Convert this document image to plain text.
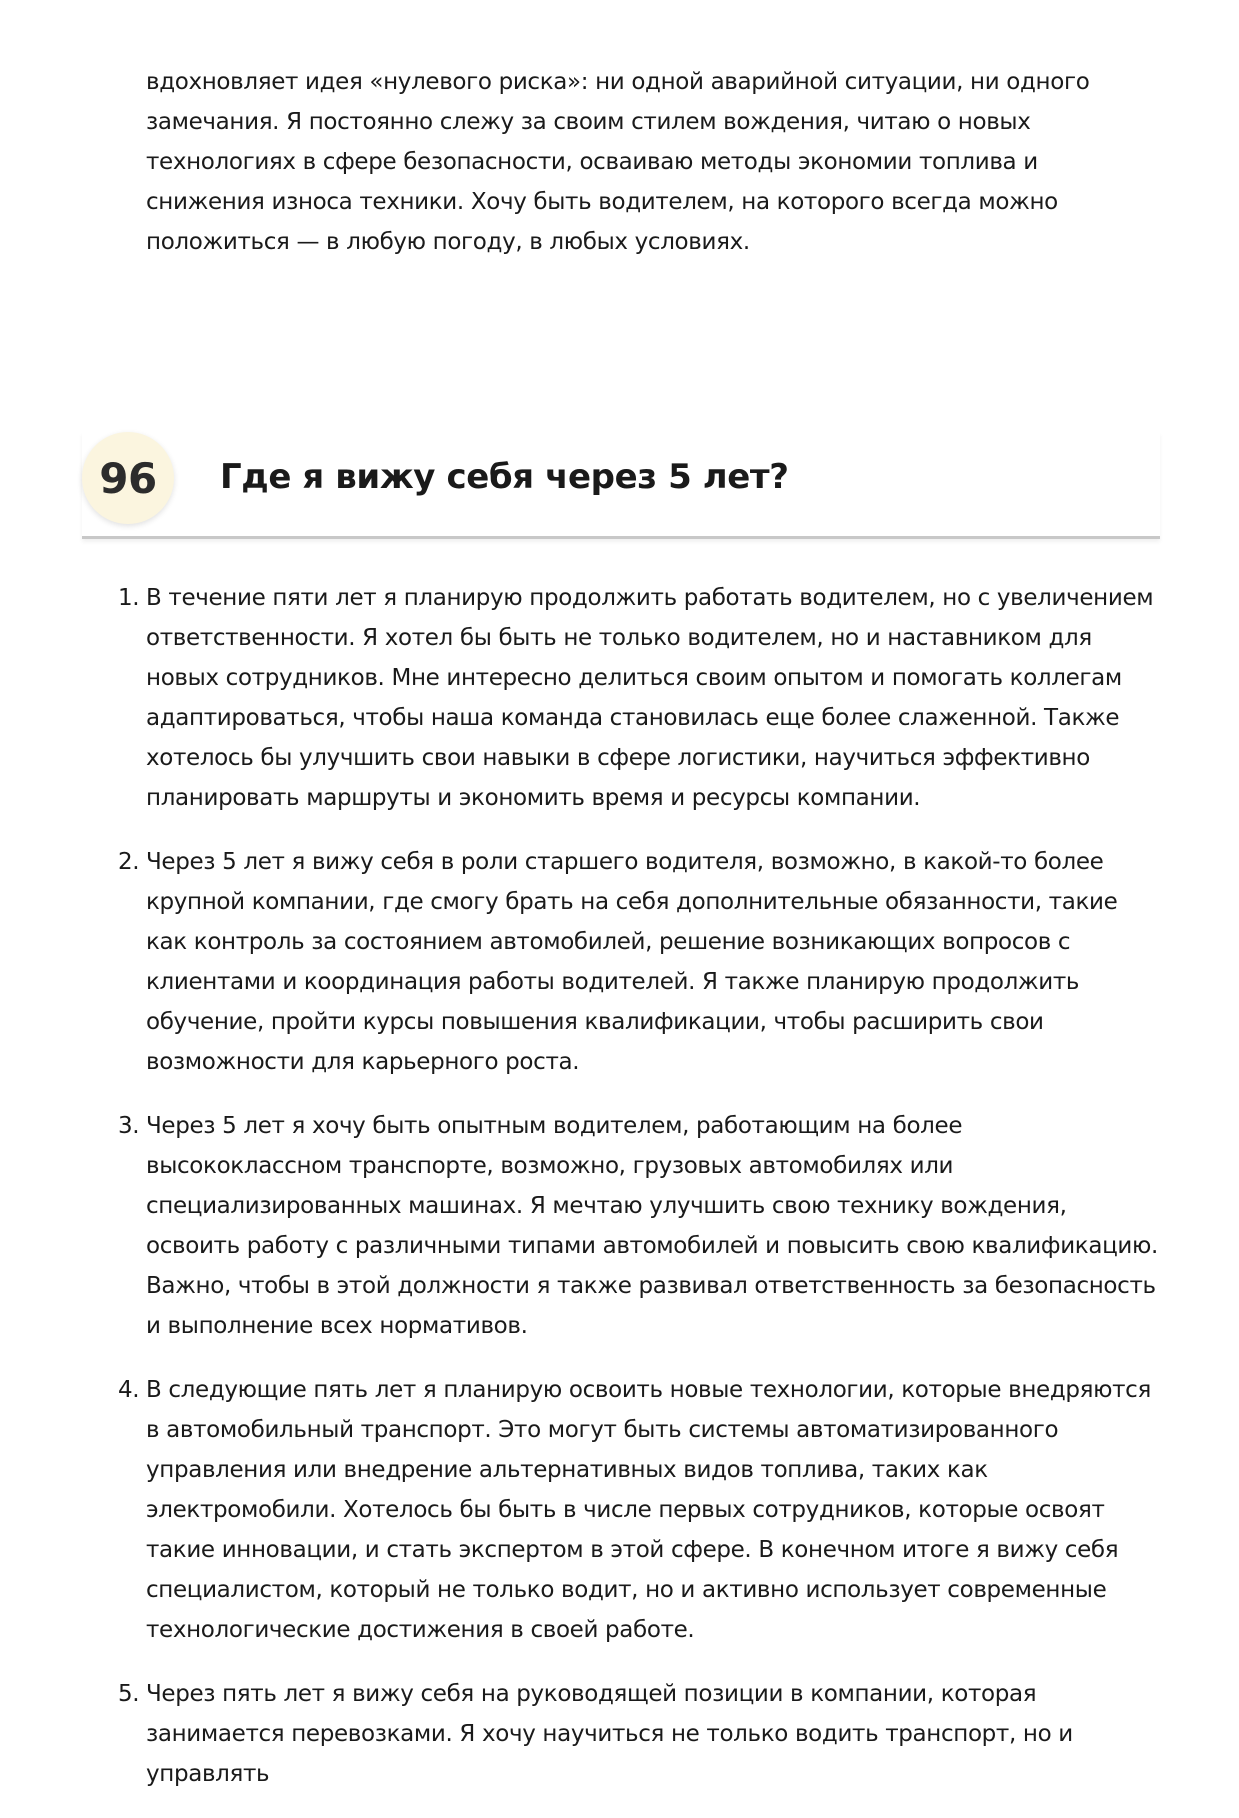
вдохновляет идея «нулевого риска»: ни одной аварийной ситуации, ни одного замечания. Я постоянно слежу за своим стилем вождения, читаю о новых технологиях в сфере безопасности, осваиваю методы экономии топлива и снижения износа техники. Хочу быть водителем, на которого всегда можно положиться — в любую погоду, в любых условиях.

96	Где я вижу себя через 5 лет?
1. В течение пяти лет я планирую продолжить работать водителем, но с увеличением ответственности. Я хотел бы быть не только водителем, но и наставником для новых сотрудников. Мне интересно делиться своим опытом и помогать коллегам адаптироваться, чтобы наша команда становилась еще более слаженной. Также хотелось бы улучшить свои навыки в сфере логистики, научиться эффективно планировать маршруты и экономить время и ресурсы компании.
2. Через 5 лет я вижу себя в роли старшего водителя, возможно, в какой-то более крупной компании, где смогу брать на себя дополнительные обязанности, такие как контроль за состоянием автомобилей, решение возникающих вопросов с клиентами и координация работы водителей. Я также планирую продолжить обучение, пройти курсы повышения квалификации, чтобы расширить свои возможности для карьерного роста.
3. Через 5 лет я хочу быть опытным водителем, работающим на более высококлассном транспорте, возможно, грузовых автомобилях или специализированных машинах. Я мечтаю улучшить свою технику вождения, освоить работу с различными типами автомобилей и повысить свою квалификацию. Важно, чтобы в этой должности я также развивал ответственность за безопасность и выполнение всех нормативов.
4. В следующие пять лет я планирую освоить новые технологии, которые внедряются в автомобильный транспорт. Это могут быть системы автоматизированного управления или внедрение альтернативных видов топлива, таких как электромобили. Хотелось бы быть в числе первых сотрудников, которые освоят такие инновации, и стать экспертом в этой сфере. В конечном итоге я вижу себя специалистом, который не только водит, но и активно использует современные технологические достижения в своей работе.
5. Через пять лет я вижу себя на руководящей позиции в компании, которая занимается перевозками. Я хочу научиться не только водить транспорт, но и управлять
